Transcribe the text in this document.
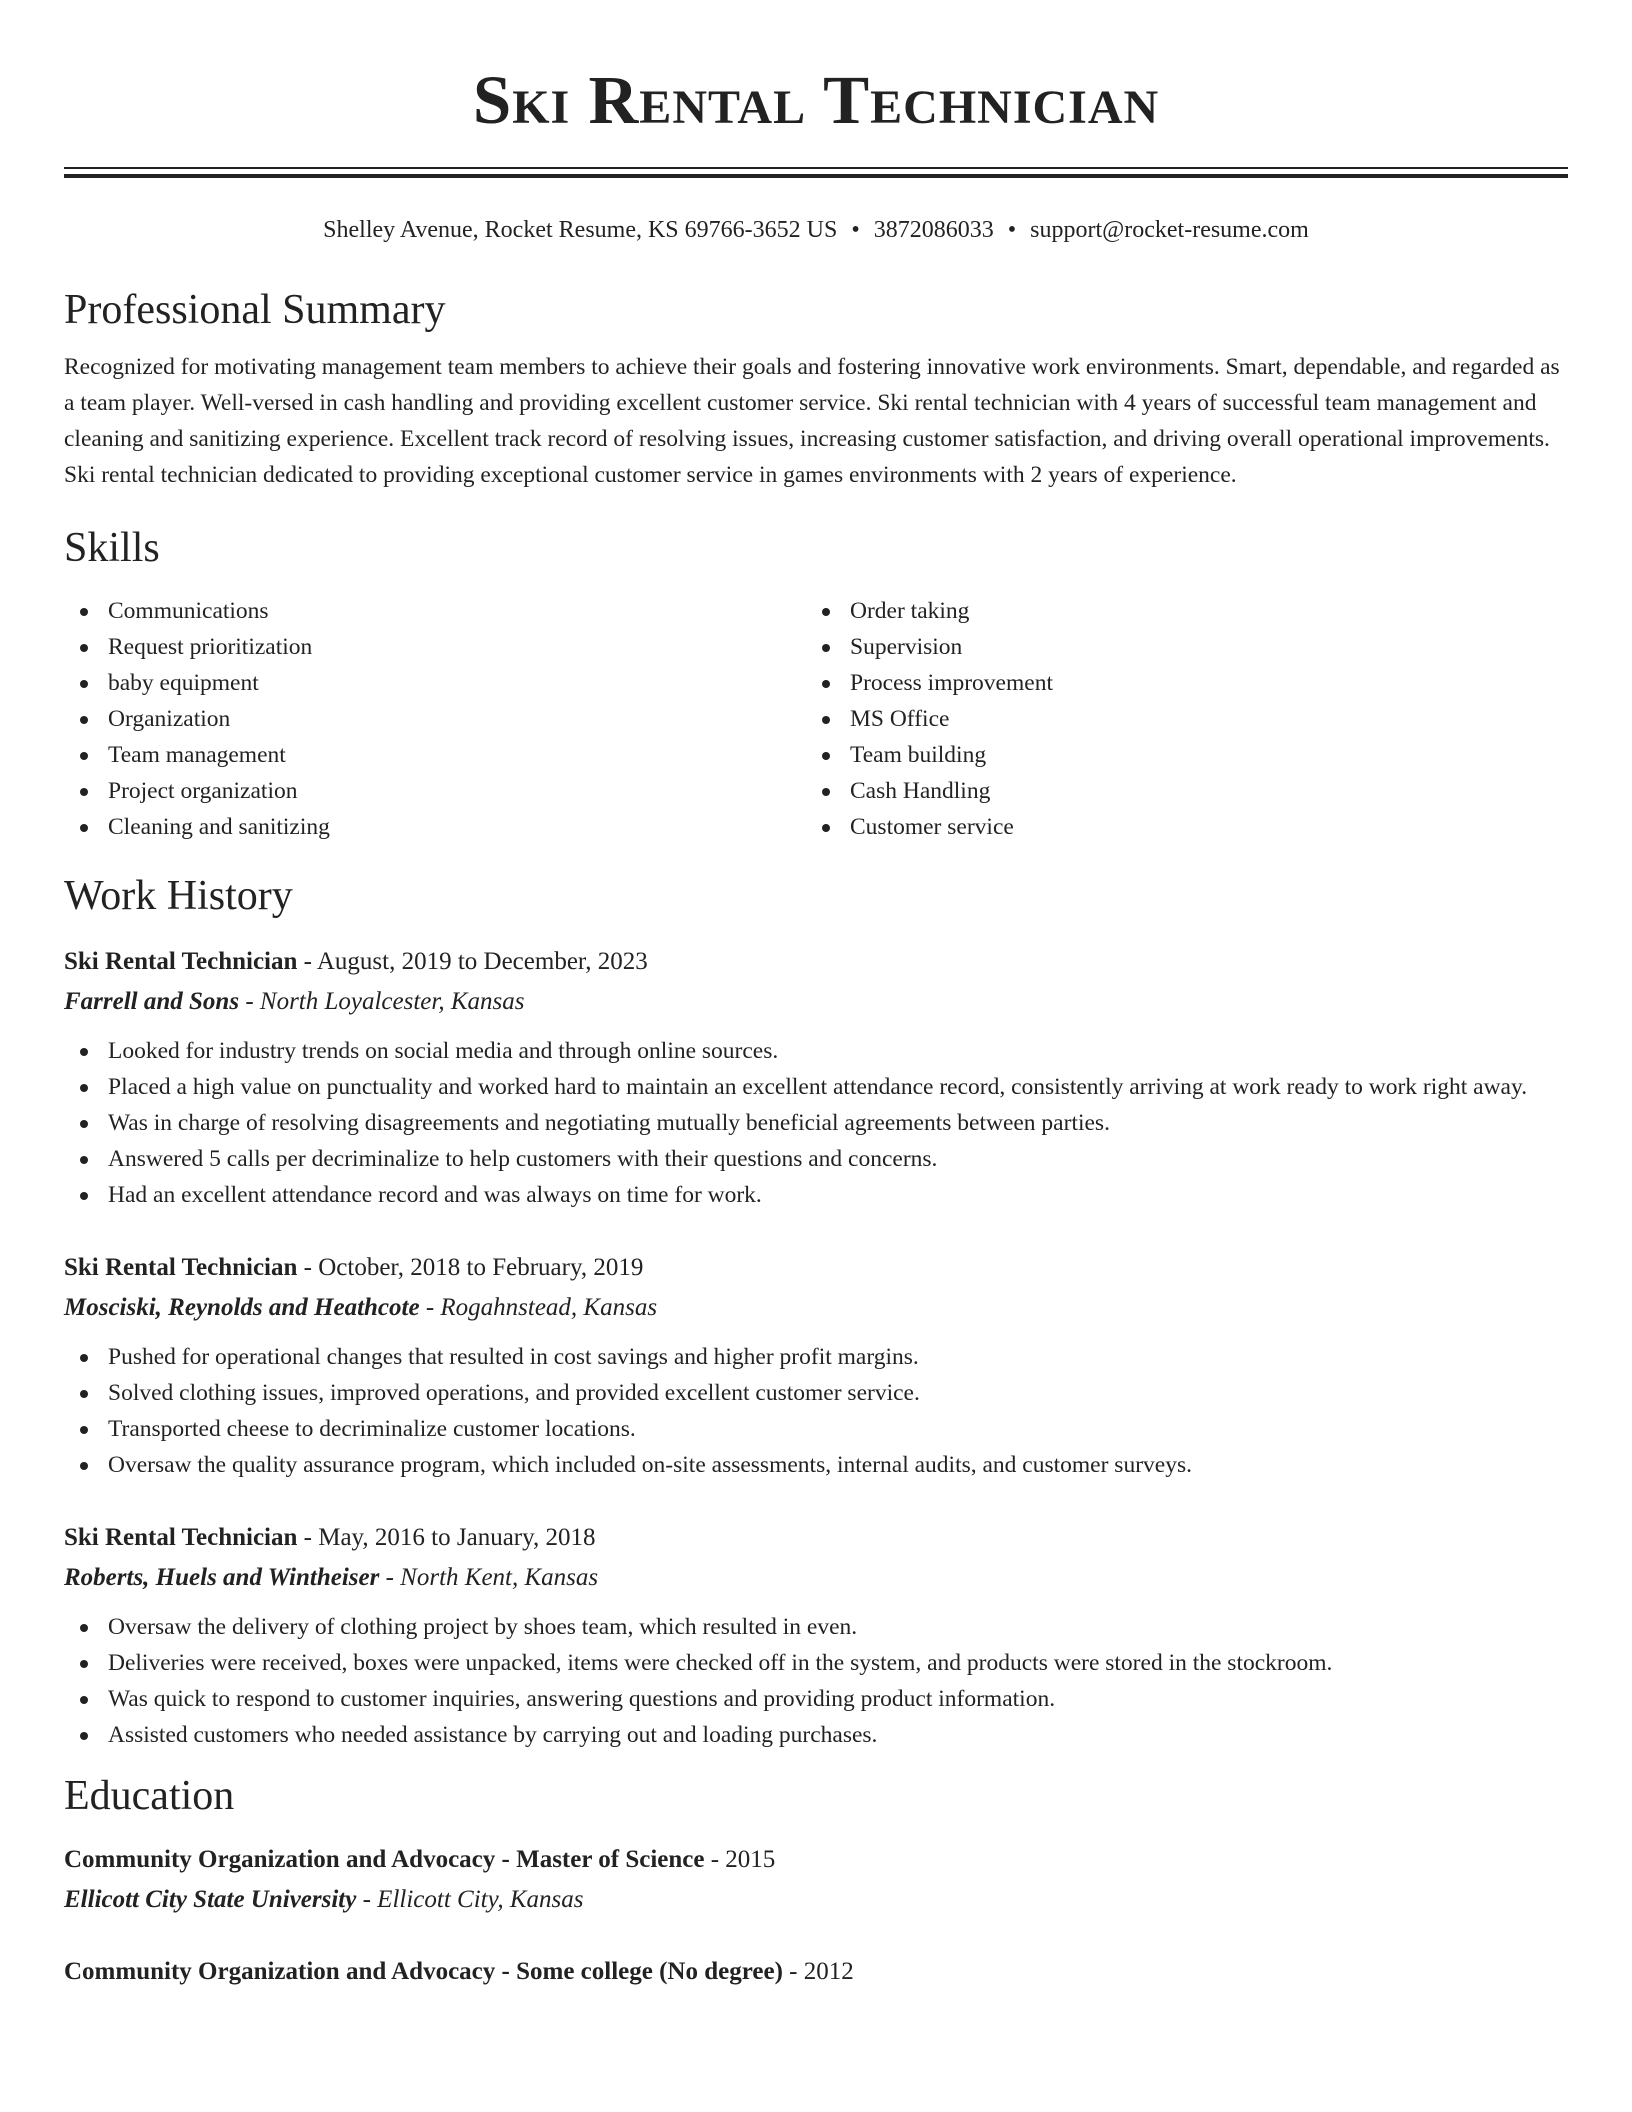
Ski Rental Technician
Shelley Avenue, Rocket Resume, KS 69766-3652 US • 3872086033 • support@rocket-resume.com
Professional Summary

Recognized for motivating management team members to achieve their goals and fostering innovative work environments. Smart, dependable, and regarded as a team player. Well-versed in cash handling and providing excellent customer service. Ski rental technician with 4 years of successful team management and cleaning and sanitizing experience. Excellent track record of resolving issues, increasing customer satisfaction, and driving overall operational improvements. Ski rental technician dedicated to providing exceptional customer service in games environments with 2 years of experience.

Skills
Communications
Request prioritization
baby equipment
Organization
Team management
Project organization
Cleaning and sanitizing
Order taking
Supervision
Process improvement
MS Office
Team building
Cash Handling
Customer service
Work History
Ski Rental Technician - August, 2019 to December, 2023
Farrell and Sons - North Loyalcester, Kansas
Looked for industry trends on social media and through online sources.
Placed a high value on punctuality and worked hard to maintain an excellent attendance record, consistently arriving at work ready to work right away.
Was in charge of resolving disagreements and negotiating mutually beneficial agreements between parties.
Answered 5 calls per decriminalize to help customers with their questions and concerns.
Had an excellent attendance record and was always on time for work.
Ski Rental Technician - October, 2018 to February, 2019
Mosciski, Reynolds and Heathcote - Rogahnstead, Kansas
Pushed for operational changes that resulted in cost savings and higher profit margins.
Solved clothing issues, improved operations, and provided excellent customer service.
Transported cheese to decriminalize customer locations.
Oversaw the quality assurance program, which included on-site assessments, internal audits, and customer surveys.
Ski Rental Technician - May, 2016 to January, 2018
Roberts, Huels and Wintheiser - North Kent, Kansas
Oversaw the delivery of clothing project by shoes team, which resulted in even.
Deliveries were received, boxes were unpacked, items were checked off in the system, and products were stored in the stockroom.
Was quick to respond to customer inquiries, answering questions and providing product information.
Assisted customers who needed assistance by carrying out and loading purchases.
Education
Community Organization and Advocacy - Master of Science - 2015
Ellicott City State University - Ellicott City, Kansas
Community Organization and Advocacy - Some college (No degree) - 2012
